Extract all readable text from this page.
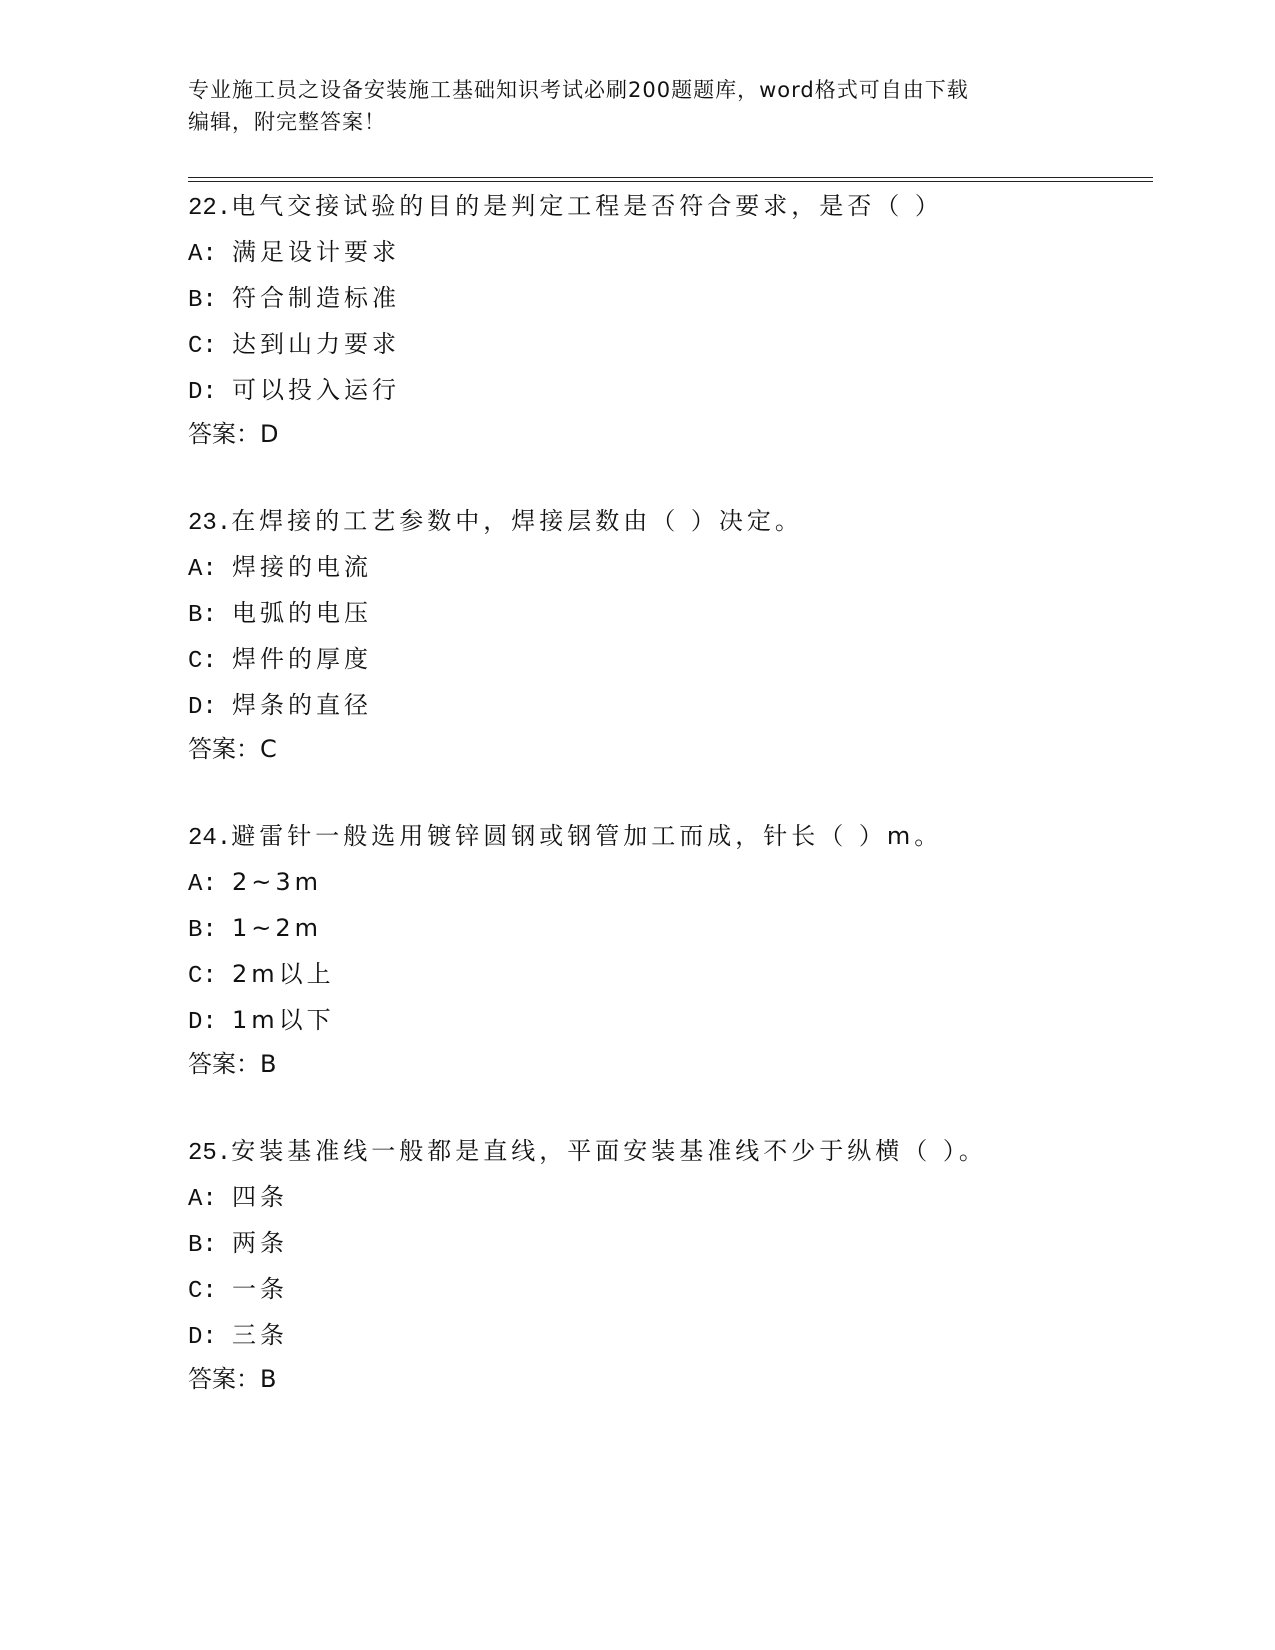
专业施工员之设备安装施工基础知识考试必刷200题题库，word格式可自由下载
编辑，附完整答案！
22.电气交接试验的目的是判定工程是否符合要求，是否（ ）
A: 满足设计要求
B: 符合制造标准
C: 达到山力要求
D: 可以投入运行
答案：D
23.在焊接的工艺参数中，焊接层数由（ ）决定。
A: 焊接的电流
B: 电弧的电压
C: 焊件的厚度
D: 焊条的直径
答案：C
24.避雷针一般选用镀锌圆钢或钢管加工而成，针长（ ）m。
A: 2~3m
B: 1~2m
C: 2m以上
D: 1m以下
答案：B
25.安装基准线一般都是直线，平面安装基准线不少于纵横（ ）。
A: 四条
B: 两条
C: 一条
D: 三条
答案：B
